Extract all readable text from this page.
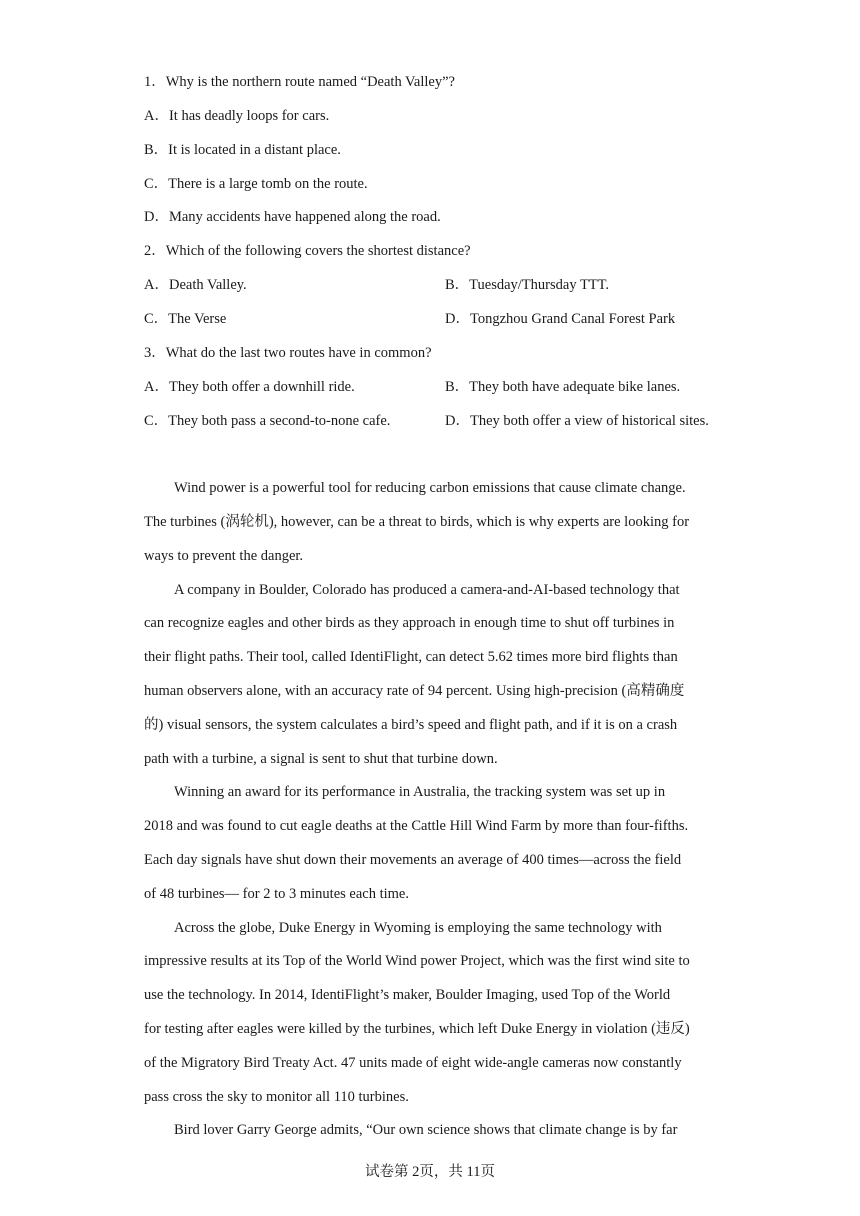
1．Why is the northern route named “Death Valley”?
A．It has deadly loops for cars.
B．It is located in a distant place.
C．There is a large tomb on the route.
D．Many accidents have happened along the road.
2．Which of the following covers the shortest distance?
A．Death Valley.	B．Tuesday/Thursday TTT.
C．The Verse	D．Tongzhou Grand Canal Forest Park
3．What do the last two routes have in common?
A．They both offer a downhill ride.	B．They both have adequate bike lanes.
C．They both pass a second-to-none cafe.	D．They both offer a view of historical sites.
Wind power is a powerful tool for reducing carbon emissions that cause climate change.
The turbines (涡轮机), however, can be a threat to birds, which is why experts are looking for
ways to prevent the danger.
A company in Boulder, Colorado has produced a camera-and-AI-based technology that
can recognize eagles and other birds as they approach in enough time to shut off turbines in
their flight paths. Their tool, called IdentiFlight, can detect 5.62 times more bird flights than
human observers alone, with an accuracy rate of 94 percent. Using high-precision (高精确度
的) visual sensors, the system calculates a bird’s speed and flight path, and if it is on a crash
path with a turbine, a signal is sent to shut that turbine down.
Winning an award for its performance in Australia, the tracking system was set up in
2018 and was found to cut eagle deaths at the Cattle Hill Wind Farm by more than four-fifths.
Each day signals have shut down their movements an average of 400 times—across the field
of 48 turbines— for 2 to 3 minutes each time.
Across the globe, Duke Energy in Wyoming is employing the same technology with
impressive results at its Top of the World Wind power Project, which was the first wind site to
use the technology. In 2014, IdentiFlight’s maker, Boulder Imaging, used Top of the World
for testing after eagles were killed by the turbines, which left Duke Energy in violation (违反)
of the Migratory Bird Treaty Act. 47 units made of eight wide-angle cameras now constantly
pass cross the sky to monitor all 110 turbines.
Bird lover Garry George admits, “Our own science shows that climate change is by far
试卷第 2页，共 11页
